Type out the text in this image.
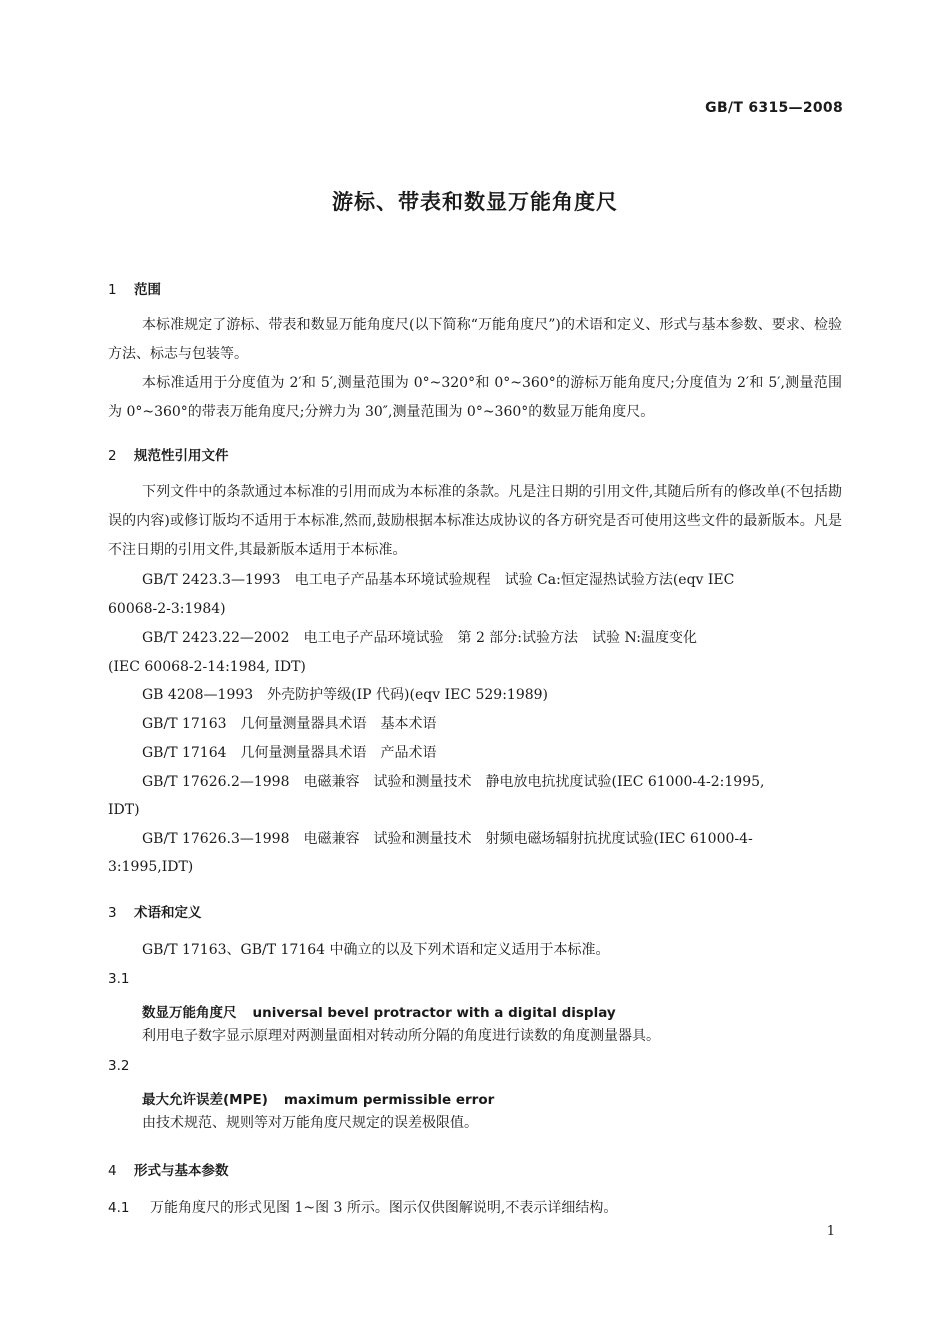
GB/T 6315—2008
游标、带表和数显万能角度尺
1 范围
本标准规定了游标、带表和数显万能角度尺(以下简称“万能角度尺”)的术语和定义、形式与基本参数、要求、检验方法、标志与包装等。
本标准适用于分度值为 2′和 5′,测量范围为 0°~320°和 0°~360°的游标万能角度尺;分度值为 2′和 5′,测量范围为 0°~360°的带表万能角度尺;分辨力为 30″,测量范围为 0°~360°的数显万能角度尺。
2 规范性引用文件
下列文件中的条款通过本标准的引用而成为本标准的条款。凡是注日期的引用文件,其随后所有的修改单(不包括勘误的内容)或修订版均不适用于本标准,然而,鼓励根据本标准达成协议的各方研究是否可使用这些文件的最新版本。凡是不注日期的引用文件,其最新版本适用于本标准。
GB/T 2423.3—1993　电工电子产品基本环境试验规程　试验 Ca:恒定湿热试验方法(eqv IEC
60068-2-3:1984)
GB/T 2423.22—2002　电工电子产品环境试验　第 2 部分:试验方法　试验 N:温度变化
(IEC 60068-2-14:1984, IDT)
GB 4208—1993　外壳防护等级(IP 代码)(eqv IEC 529:1989)
GB/T 17163　几何量测量器具术语　基本术语
GB/T 17164　几何量测量器具术语　产品术语
GB/T 17626.2—1998　电磁兼容　试验和测量技术　静电放电抗扰度试验(IEC 61000-4-2:1995,
IDT)
GB/T 17626.3—1998　电磁兼容　试验和测量技术　射频电磁场辐射抗扰度试验(IEC 61000-4-
3:1995,IDT)
3 术语和定义
GB/T 17163、GB/T 17164 中确立的以及下列术语和定义适用于本标准。
3.1
数显万能角度尺 universal bevel protractor with a digital display
利用电子数字显示原理对两测量面相对转动所分隔的角度进行读数的角度测量器具。
3.2
最大允许误差(MPE) maximum permissible error
由技术规范、规则等对万能角度尺规定的误差极限值。
4 形式与基本参数
4.1 万能角度尺的形式见图 1~图 3 所示。图示仅供图解说明,不表示详细结构。
1
